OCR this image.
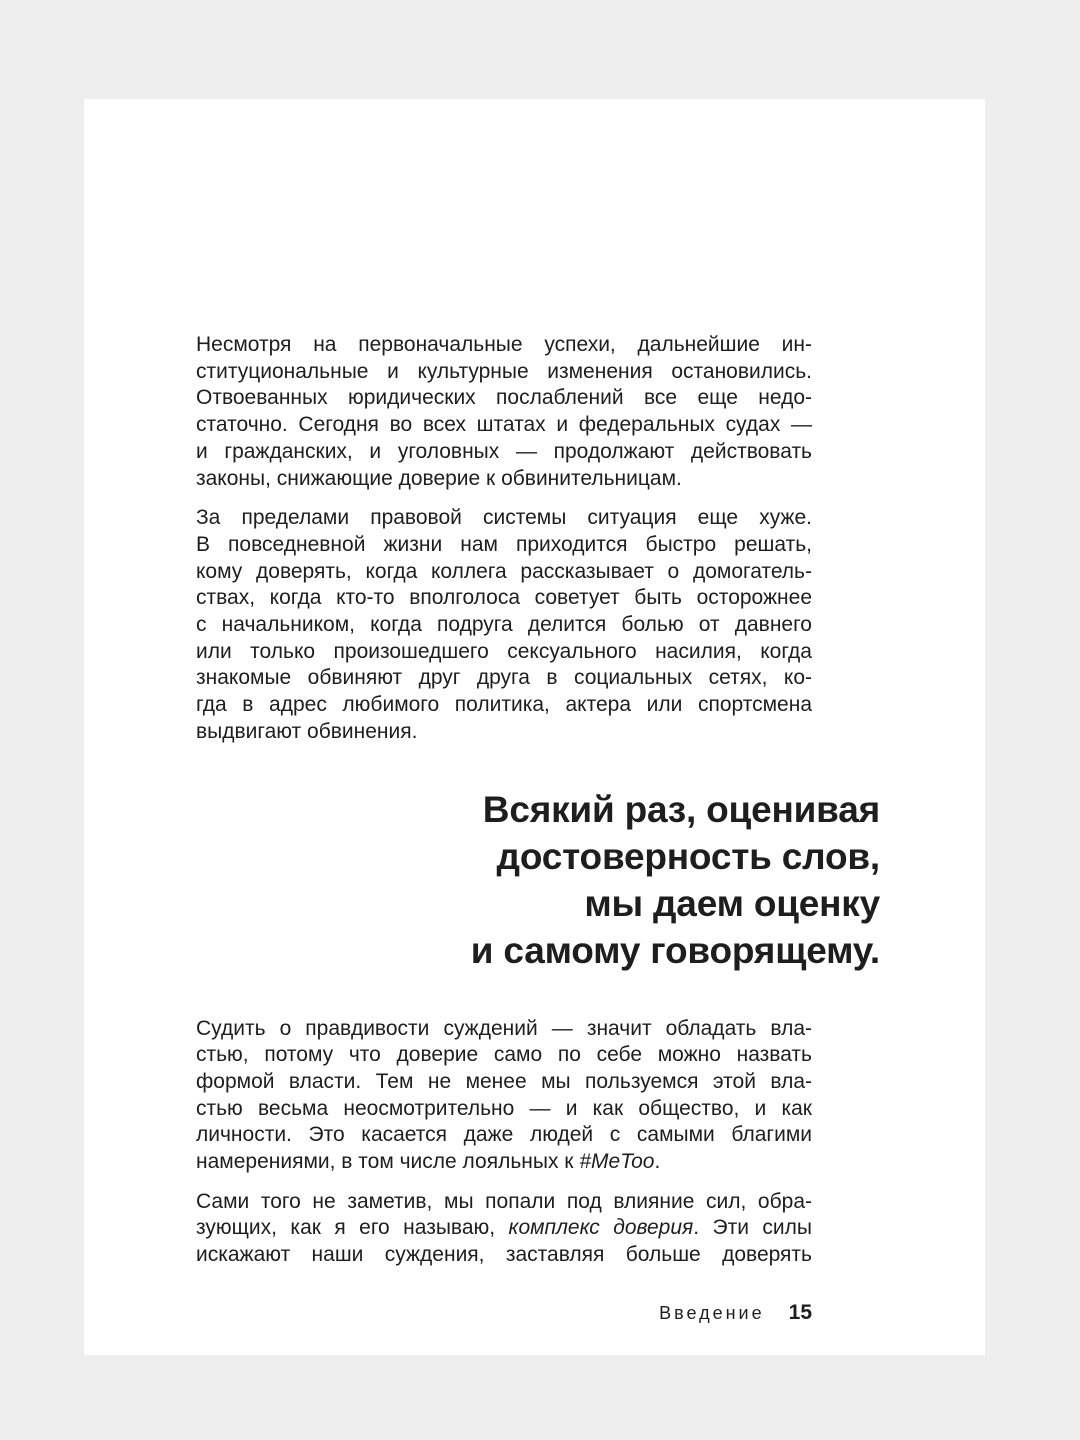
Несмотря на первоначальные успехи, дальнейшие ин-
ституциональные и культурные изменения остановились.
Отвоеванных юридических послаблений все еще недо-
статочно. Сегодня во всех штатах и федеральных судах —
и гражданских, и уголовных — продолжают действовать
законы, снижающие доверие к обвинительницам.
За пределами правовой системы ситуация еще хуже.
В повседневной жизни нам приходится быстро решать,
кому доверять, когда коллега рассказывает о домогатель-
ствах, когда кто-то вполголоса советует быть осторожнее
с начальником, когда подруга делится болью от давнего
или только произошедшего сексуального насилия, когда
знакомые обвиняют друг друга в социальных сетях, ко-
гда в адрес любимого политика, актера или спортсмена
выдвигают обвинения.
Всякий раз, оценивая
достоверность слов,
мы даем оценку
и самому говорящему.
Судить о правдивости суждений — значит обладать вла-
стью, потому что доверие само по себе можно назвать
формой власти. Тем не менее мы пользуемся этой вла-
стью весьма неосмотрительно — и как общество, и как
личности. Это касается даже людей с самыми благими
намерениями, в том числе лояльных к #MeToo.
Сами того не заметив, мы попали под влияние сил, обра-
зующих, как я его называю, комплекс доверия. Эти силы
искажают наши суждения, заставляя больше доверять
Введение 15
